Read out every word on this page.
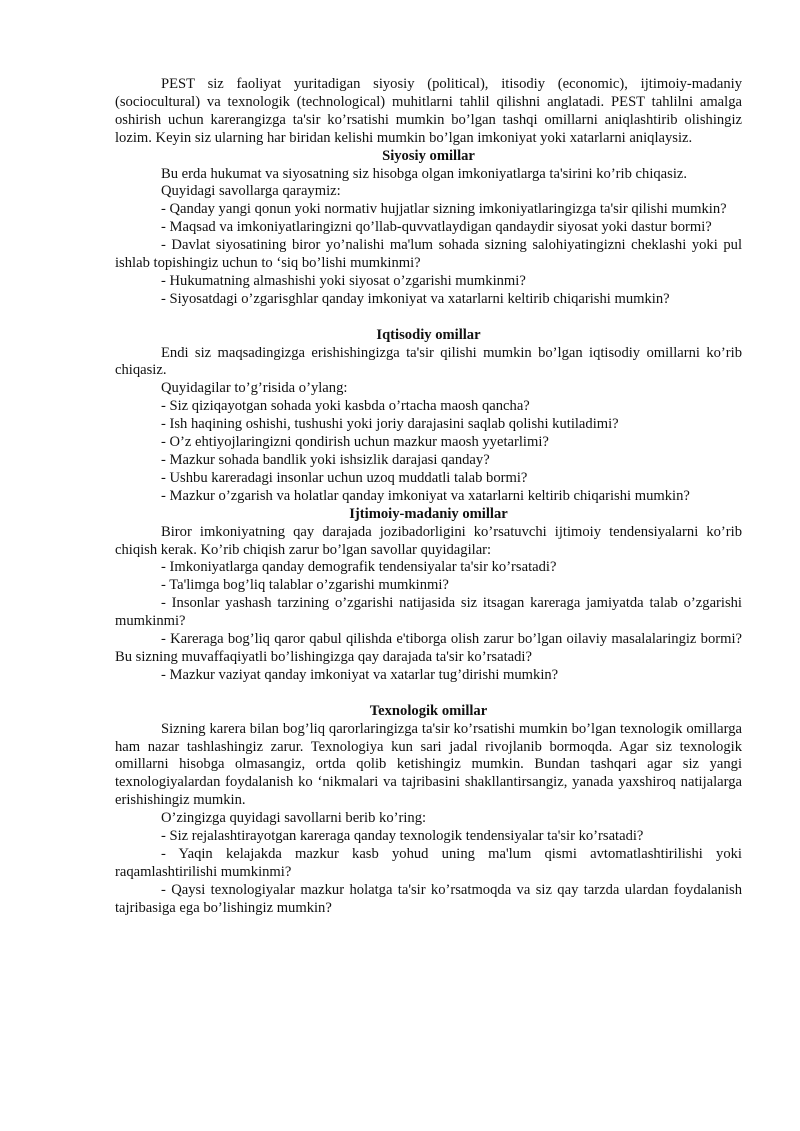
PEST siz faoliyat yuritadigan siyosiy (political), itisodiy (economic), ijtimoiy-madaniy (sociocultural) va texnologik (technological) muhitlarni tahlil qilishni anglatadi. PEST tahlilni amalga oshirish uchun karerangizga ta'sir ko’rsatishi mumkin bo’lgan tashqi omillarni aniqlashtirib olishingiz lozim. Keyin siz ularning har biridan kelishi mumkin bo’lgan imkoniyat yoki xatarlarni aniqlaysiz.

Siyosiy omillar

Bu erda hukumat va siyosatning siz hisobga olgan imkoniyatlarga ta'sirini ko’rib chiqasiz.

Quyidagi savollarga qaraymiz:

- Qanday yangi qonun yoki normativ hujjatlar sizning imkoniyatlaringizga ta'sir qilishi mumkin?

- Maqsad va imkoniyatlaringizni qo’llab-quvvatlaydigan qandaydir siyosat yoki dastur bormi?

- Davlat siyosatining biror yo’nalishi ma'lum sohada sizning salohiyatingizni cheklashi yoki pul ishlab topishingiz uchun to ‘siq bo’lishi mumkinmi?

- Hukumatning almashishi yoki siyosat o’zgarishi mumkinmi?

- Siyosatdagi o’zgarisghlar qanday imkoniyat va xatarlarni keltirib chiqarishi mumkin?

Iqtisodiy omillar

Endi siz maqsadingizga erishishingizga ta'sir qilishi mumkin bo’lgan iqtisodiy omillarni ko’rib chiqasiz.

Quyidagilar to’g’risida o’ylang:

- Siz qiziqayotgan sohada yoki kasbda o’rtacha maosh qancha?

- Ish haqining oshishi, tushushi yoki joriy darajasini saqlab qolishi kutiladimi?

- O’z ehtiyojlaringizni qondirish uchun mazkur maosh yyetarlimi?

- Mazkur sohada bandlik yoki ishsizlik darajasi qanday?

- Ushbu kareradagi insonlar uchun uzoq muddatli talab bormi?

- Mazkur o’zgarish va holatlar qanday imkoniyat va xatarlarni keltirib chiqarishi mumkin?

Ijtimoiy-madaniy omillar

Biror imkoniyatning qay darajada jozibadorligini ko’rsatuvchi ijtimoiy tendensiyalarni ko’rib chiqish kerak. Ko’rib chiqish zarur bo’lgan savollar quyidagilar:

- Imkoniyatlarga qanday demografik tendensiyalar ta'sir ko’rsatadi?

- Ta'limga bog’liq talablar o’zgarishi mumkinmi?

- Insonlar yashash tarzining o’zgarishi natijasida siz itsagan kareraga jamiyatda talab o’zgarishi mumkinmi?

- Kareraga bog’liq qaror qabul qilishda e'tiborga olish zarur bo’lgan oilaviy masalalaringiz bormi? Bu sizning muvaffaqiyatli bo’lishingizga qay darajada ta'sir ko’rsatadi?

- Mazkur vaziyat qanday imkoniyat va xatarlar tug’dirishi mumkin?

Texnologik omillar

Sizning karera bilan bog’liq qarorlaringizga ta'sir ko’rsatishi mumkin bo’lgan texnologik omillarga ham nazar tashlashingiz zarur. Texnologiya kun sari jadal rivojlanib bormoqda. Agar siz texnologik omillarni hisobga olmasangiz, ortda qolib ketishingiz mumkin. Bundan tashqari agar siz yangi texnologiyalardan foydalanish ko ‘nikmalari va tajribasini shakllantirsangiz, yanada yaxshiroq natijalarga erishishingiz mumkin.

O’zingizga quyidagi savollarni berib ko’ring:

- Siz rejalashtirayotgan kareraga qanday texnologik tendensiyalar ta'sir ko’rsatadi?

- Yaqin kelajakda mazkur kasb yohud uning ma'lum qismi avtomatlashtirilishi yoki raqamlashtirilishi mumkinmi?

- Qaysi texnologiyalar mazkur holatga ta'sir ko’rsatmoqda va siz qay tarzda ulardan foydalanish tajribasiga ega bo’lishingiz mumkin?
